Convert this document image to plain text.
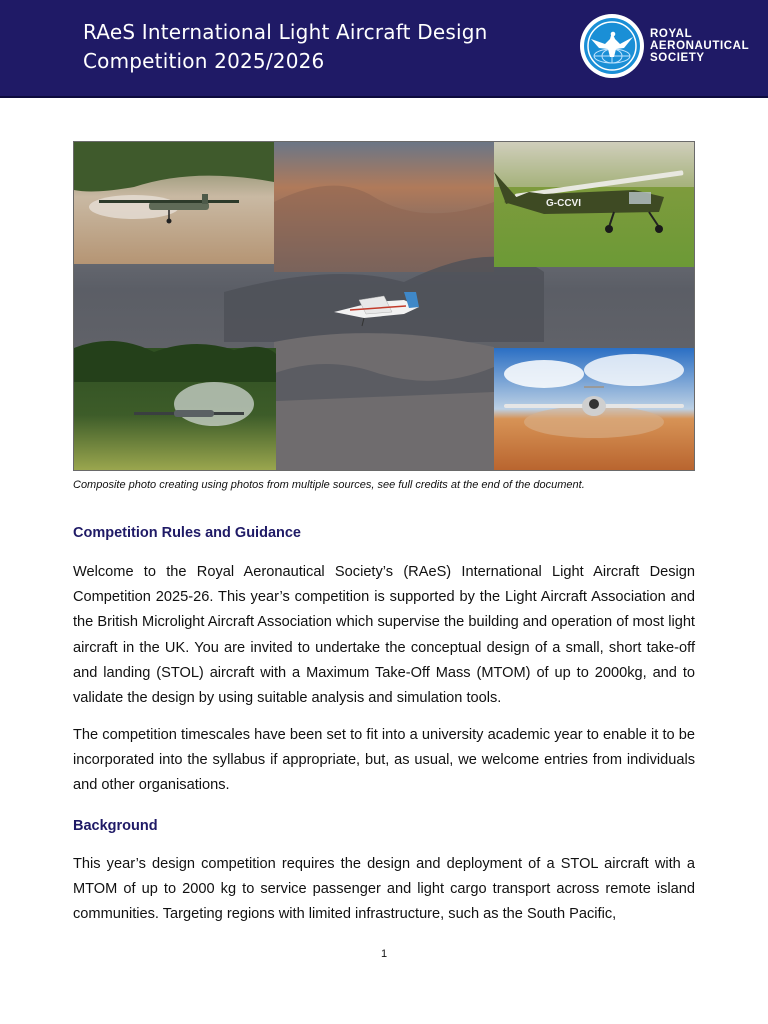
RAeS International Light Aircraft Design
Competition 2025/2026
ROYAL
AERONAUTICAL
SOCIETY
G-CCVI
Composite photo creating using photos from multiple sources, see full credits at the end of the document.
Competition Rules and Guidance

Welcome to the Royal Aeronautical Society’s (RAeS) International Light Aircraft Design Competition 2025-26. This year’s competition is supported by the Light Aircraft Association and the British Microlight Aircraft Association which supervise the building and operation of most light aircraft in the UK. You are invited to undertake the conceptual design of a small, short take-off and landing (STOL) aircraft with a Maximum Take-Off Mass (MTOM) of up to 2000kg, and to validate the design by using suitable analysis and simulation tools.

The competition timescales have been set to fit into a university academic year to enable it to be incorporated into the syllabus if appropriate, but, as usual, we welcome entries from individuals and other organisations.

Background

This year’s design competition requires the design and deployment of a STOL aircraft with a MTOM of up to 2000 kg to service passenger and light cargo transport across remote island communities. Targeting regions with limited infrastructure, such as the South Pacific,

1
